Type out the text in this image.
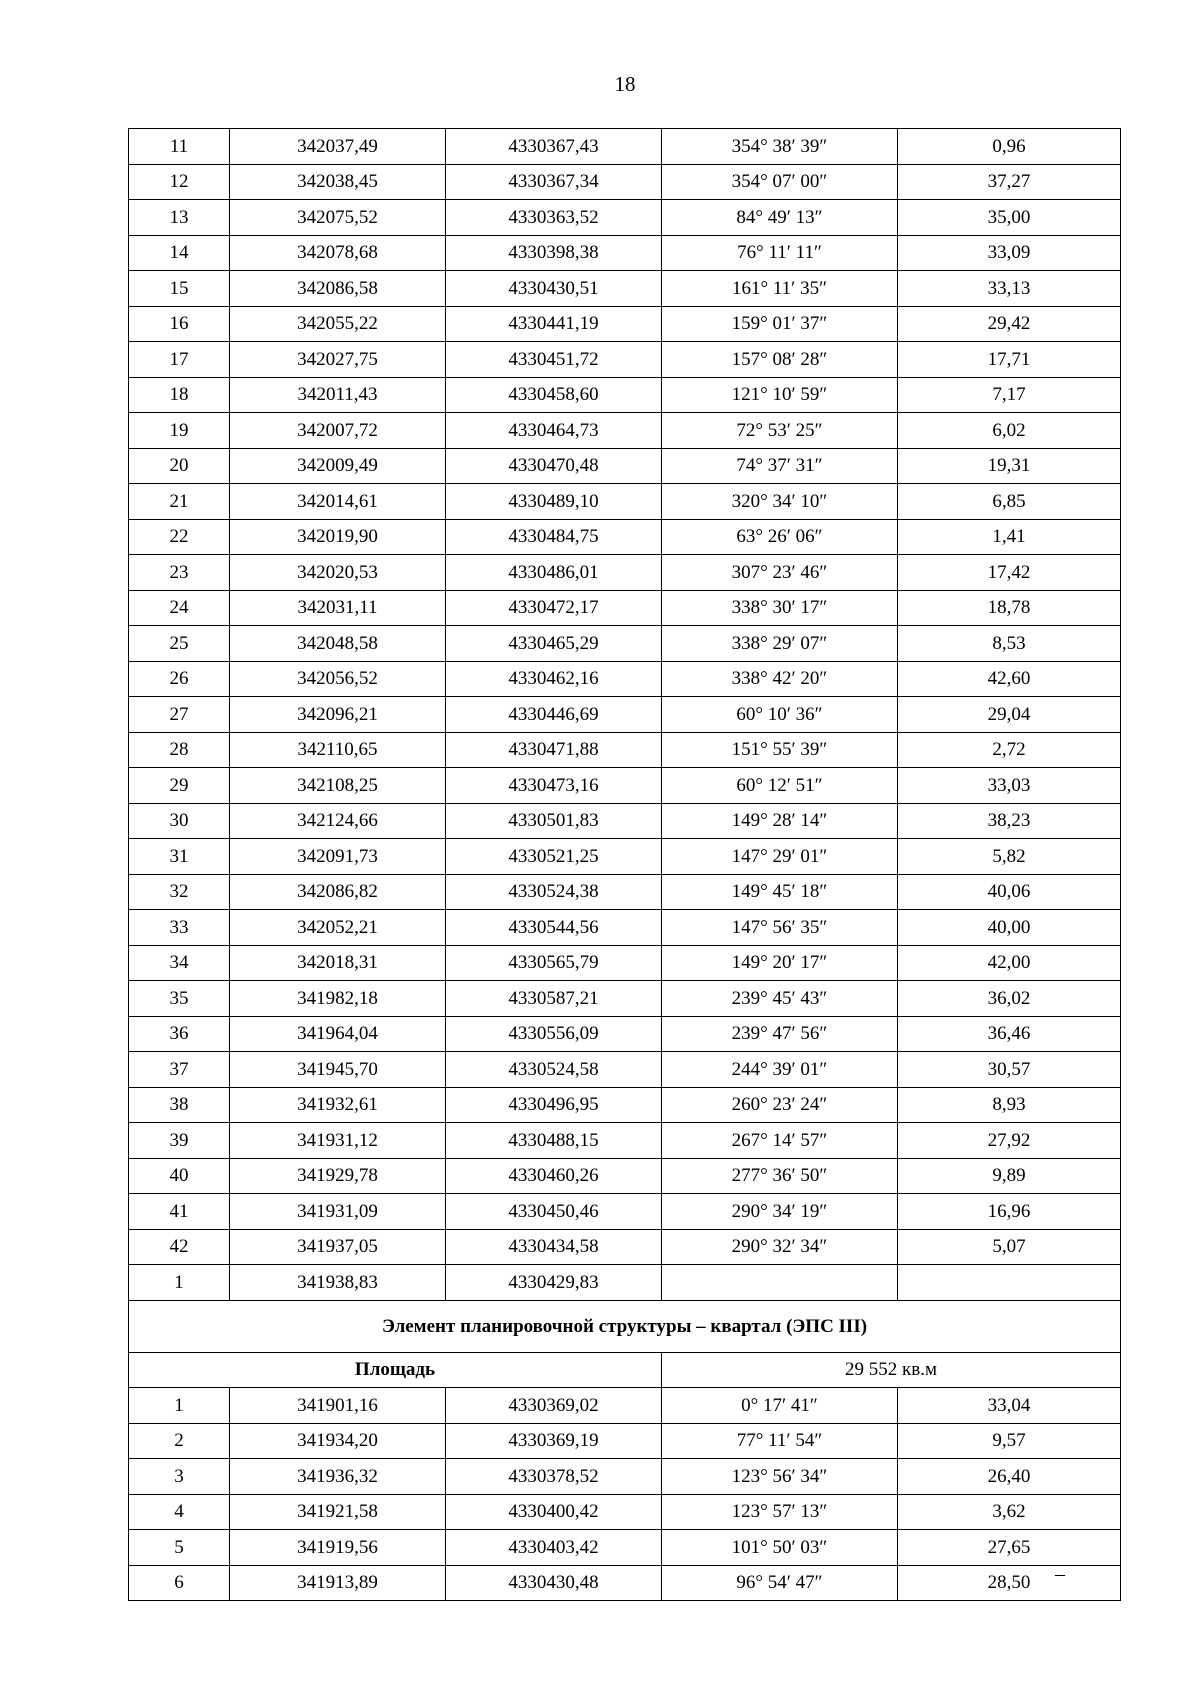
18
11	342037,49	4330367,43	354° 38′ 39″	0,96
12	342038,45	4330367,34	354° 07′ 00″	37,27
13	342075,52	4330363,52	84° 49′ 13″	35,00
14	342078,68	4330398,38	76° 11′ 11″	33,09
15	342086,58	4330430,51	161° 11′ 35″	33,13
16	342055,22	4330441,19	159° 01′ 37″	29,42
17	342027,75	4330451,72	157° 08′ 28″	17,71
18	342011,43	4330458,60	121° 10′ 59″	7,17
19	342007,72	4330464,73	72° 53′ 25″	6,02
20	342009,49	4330470,48	74° 37′ 31″	19,31
21	342014,61	4330489,10	320° 34′ 10″	6,85
22	342019,90	4330484,75	63° 26′ 06″	1,41
23	342020,53	4330486,01	307° 23′ 46″	17,42
24	342031,11	4330472,17	338° 30′ 17″	18,78
25	342048,58	4330465,29	338° 29′ 07″	8,53
26	342056,52	4330462,16	338° 42′ 20″	42,60
27	342096,21	4330446,69	60° 10′ 36″	29,04
28	342110,65	4330471,88	151° 55′ 39″	2,72
29	342108,25	4330473,16	60° 12′ 51″	33,03
30	342124,66	4330501,83	149° 28′ 14″	38,23
31	342091,73	4330521,25	147° 29′ 01″	5,82
32	342086,82	4330524,38	149° 45′ 18″	40,06
33	342052,21	4330544,56	147° 56′ 35″	40,00
34	342018,31	4330565,79	149° 20′ 17″	42,00
35	341982,18	4330587,21	239° 45′ 43″	36,02
36	341964,04	4330556,09	239° 47′ 56″	36,46
37	341945,70	4330524,58	244° 39′ 01″	30,57
38	341932,61	4330496,95	260° 23′ 24″	8,93
39	341931,12	4330488,15	267° 14′ 57″	27,92
40	341929,78	4330460,26	277° 36′ 50″	9,89
41	341931,09	4330450,46	290° 34′ 19″	16,96
42	341937,05	4330434,58	290° 32′ 34″	5,07
1	341938,83	4330429,83		
Элемент планировочной структуры – квартал (ЭПС III)				
Площадь			29 552 кв.м	
1	341901,16	4330369,02	0° 17′ 41″	33,04
2	341934,20	4330369,19	77° 11′ 54″	9,57
3	341936,32	4330378,52	123° 56′ 34″	26,40
4	341921,58	4330400,42	123° 57′ 13″	3,62
5	341919,56	4330403,42	101° 50′ 03″	27,65
6	341913,89	4330430,48	96° 54′ 47″	28,50 –
